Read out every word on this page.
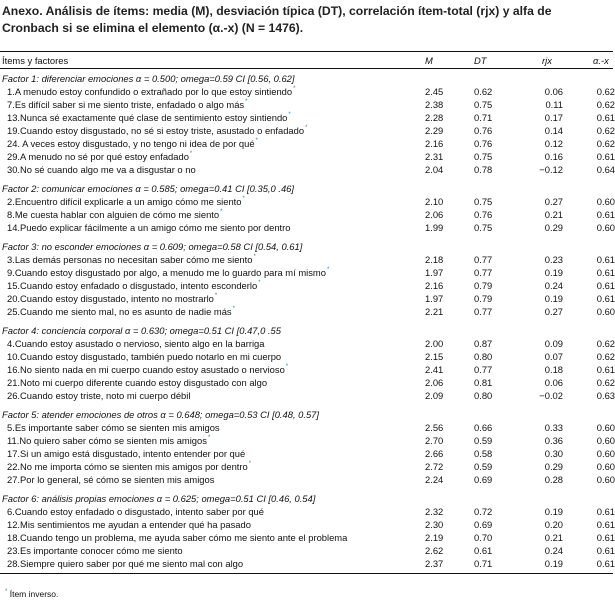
Anexo. Análisis de ítems: media (M), desviación típica (DT), correlación ítem-total (rjx) y alfa de Cronbach si se elimina el elemento (α.-x) (N = 1476).
Ítems y factores	M	DT	rjx	α.-x
Factor 1: diferenciar emociones α = 0.500; omega=0.59 CI [0.56, 0.62]
1.A menudo estoy confundido o extrañado por lo que estoy sintiendo*	2.45	0.62	0.06	0.62
7.Es difícil saber si me siento triste, enfadado o algo más*	2.38	0.75	0.11	0.62
13.Nunca sé exactamente qué clase de sentimiento estoy sintiendo*	2.28	0.71	0.17	0.61
19.Cuando estoy disgustado, no sé si estoy triste, asustado o enfadado*	2.29	0.76	0.14	0.62
24. A veces estoy disgustado, y no tengo ni idea de por qué*	2.16	0.76	0.12	0.62
29.A menudo no sé por qué estoy enfadado*	2.31	0.75	0.16	0.61
30.No sé cuando algo me va a disgustar o no	2.04	0.78	−0.12	0.64
Factor 2: comunicar emociones α = 0.585; omega=0.41 CI [0.35,0 .46]
2.Encuentro difícil explicarle a un amigo cómo me siento*	2.10	0.75	0.27	0.60
8.Me cuesta hablar con alguien de cómo me siento*	2.06	0.76	0.21	0.61
14.Puedo explicar fácilmente a un amigo cómo me siento por dentro	1.99	0.75	0.29	0.60
Factor 3: no esconder emociones α = 0.609; omega=0.58 CI [0.54, 0.61]
3.Las demás personas no necesitan saber cómo me siento*	2.18	0.77	0.23	0.61
9.Cuando estoy disgustado por algo, a menudo me lo guardo para mí mismo*	1.97	0.77	0.19	0.61
15.Cuando estoy enfadado o disgustado, intento esconderlo*	2.16	0.79	0.24	0.61
20.Cuando estoy disgustado, intento no mostrarlo*	1.97	0.79	0.19	0.61
25.Cuando me siento mal, no es asunto de nadie más*	2.21	0.77	0.27	0.60
Factor 4: conciencia corporal α = 0.630; omega=0.51 CI [0.47,0 .55
4.Cuando estoy asustado o nervioso, siento algo en la barriga	2.00	0.87	0.09	0.62
10.Cuando estoy disgustado, también puedo notarlo en mi cuerpo	2.15	0.80	0.07	0.62
16.No siento nada en mi cuerpo cuando estoy asustado o nervioso*	2.41	0.77	0.18	0.61
21.Noto mi cuerpo diferente cuando estoy disgustado con algo	2.06	0.81	0.06	0.62
26.Cuando estoy triste, noto mi cuerpo débil	2.09	0.80	−0.02	0.63
Factor 5: atender emociones de otros α = 0.648; omega=0.53 CI [0.48, 0.57]
5.Es importante saber cómo se sienten mis amigos	2.56	0.66	0.33	0.60
11.No quiero saber cómo se sienten mis amigos*	2.70	0.59	0.36	0.60
17.Si un amigo está disgustado, intento entender por qué	2.66	0.58	0.30	0.60
22.No me importa cómo se sienten mis amigos por dentro*	2.72	0.59	0.29	0.60
27.Por lo general, sé cómo se sienten mis amigos	2.24	0.69	0.28	0.60
Factor 6: análisis propias emociones α = 0.625; omega=0.51 CI [0.46, 0.54]
6.Cuando estoy enfadado o disgustado, intento saber por qué	2.32	0.72	0.19	0.61
12.Mis sentimientos me ayudan a entender qué ha pasado	2.30	0.69	0.20	0.61
18.Cuando tengo un problema, me ayuda saber cómo me siento ante el problema	2.19	0.70	0.21	0.61
23.Es importante conocer cómo me siento	2.62	0.61	0.24	0.61
28.Siempre quiero saber por qué me siento mal con algo	2.37	0.71	0.19	0.61
* Ítem inverso.
